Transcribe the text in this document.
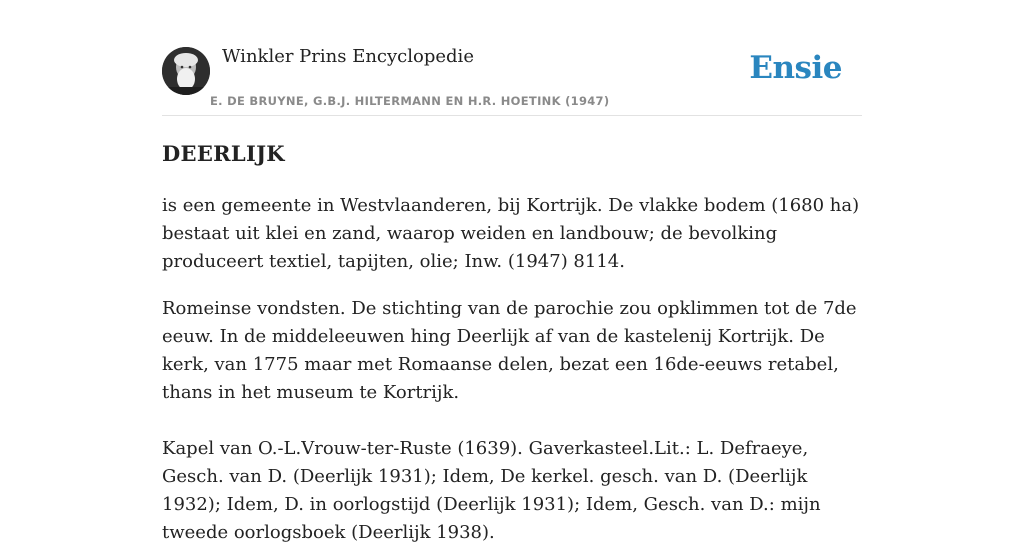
Winkler Prins Encyclopedie
E. DE BRUYNE, G.B.J. HILTERMANN EN H.R. HOETINK (1947)
Ensie
DEERLIJK

is een gemeente in Westvlaanderen, bij Kortrijk. De vlakke bodem (1680 ha) bestaat uit klei en zand, waarop weiden en landbouw; de bevolking produceert textiel, tapijten, olie; Inw. (1947) 8114.

Romeinse vondsten. De stichting van de parochie zou opklimmen tot de 7de eeuw. In de middeleeuwen hing Deerlijk af van de kastelenij Kortrijk. De kerk, van 1775 maar met Romaanse delen, bezat een 16de-eeuws retabel, thans in het museum te Kortrijk.

Kapel van O.-L.Vrouw-ter-Ruste (1639). Gaverkasteel.Lit.: L. Defraeye, Gesch. van D. (Deerlijk 1931); Idem, De kerkel. gesch. van D. (Deerlijk 1932); Idem, D. in oorlogstijd (Deerlijk 1931); Idem, Gesch. van D.: mijn tweede oorlogsboek (Deerlijk 1938).
